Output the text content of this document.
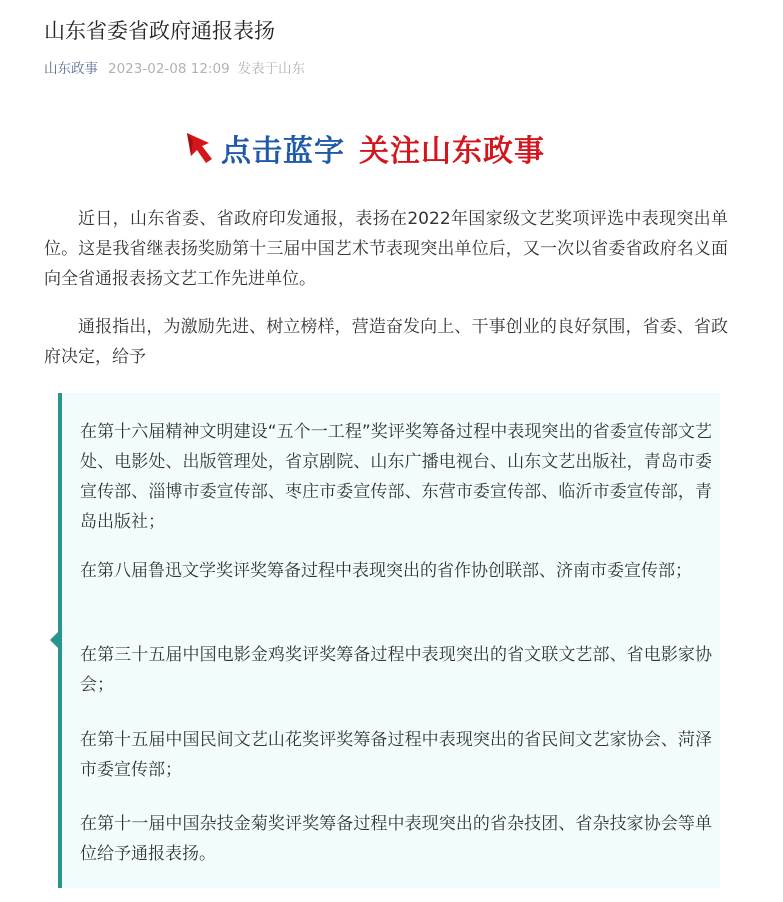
山东省委省政府通报表扬
山东政事 2023-02-08 12:09 发表于山东
点击蓝字 关注山东政事

近日，山东省委、省政府印发通报，表扬在2022年国家级文艺奖项评选中表现突出单位。这是我省继表扬奖励第十三届中国艺术节表现突出单位后，又一次以省委省政府名义面向全省通报表扬文艺工作先进单位。

通报指出，为激励先进、树立榜样，营造奋发向上、干事创业的良好氛围，省委、省政府决定，给予

在第十六届精神文明建设“五个一工程”奖评奖筹备过程中表现突出的省委宣传部文艺处、电影处、出版管理处，省京剧院、山东广播电视台、山东文艺出版社，青岛市委宣传部、淄博市委宣传部、枣庄市委宣传部、东营市委宣传部、临沂市委宣传部，青岛出版社；

在第八届鲁迅文学奖评奖筹备过程中表现突出的省作协创联部、济南市委宣传部；

在第三十五届中国电影金鸡奖评奖筹备过程中表现突出的省文联文艺部、省电影家协会；

在第十五届中国民间文艺山花奖评奖筹备过程中表现突出的省民间文艺家协会、菏泽市委宣传部；

在第十一届中国杂技金菊奖评奖筹备过程中表现突出的省杂技团、省杂技家协会等单位给予通报表扬。
